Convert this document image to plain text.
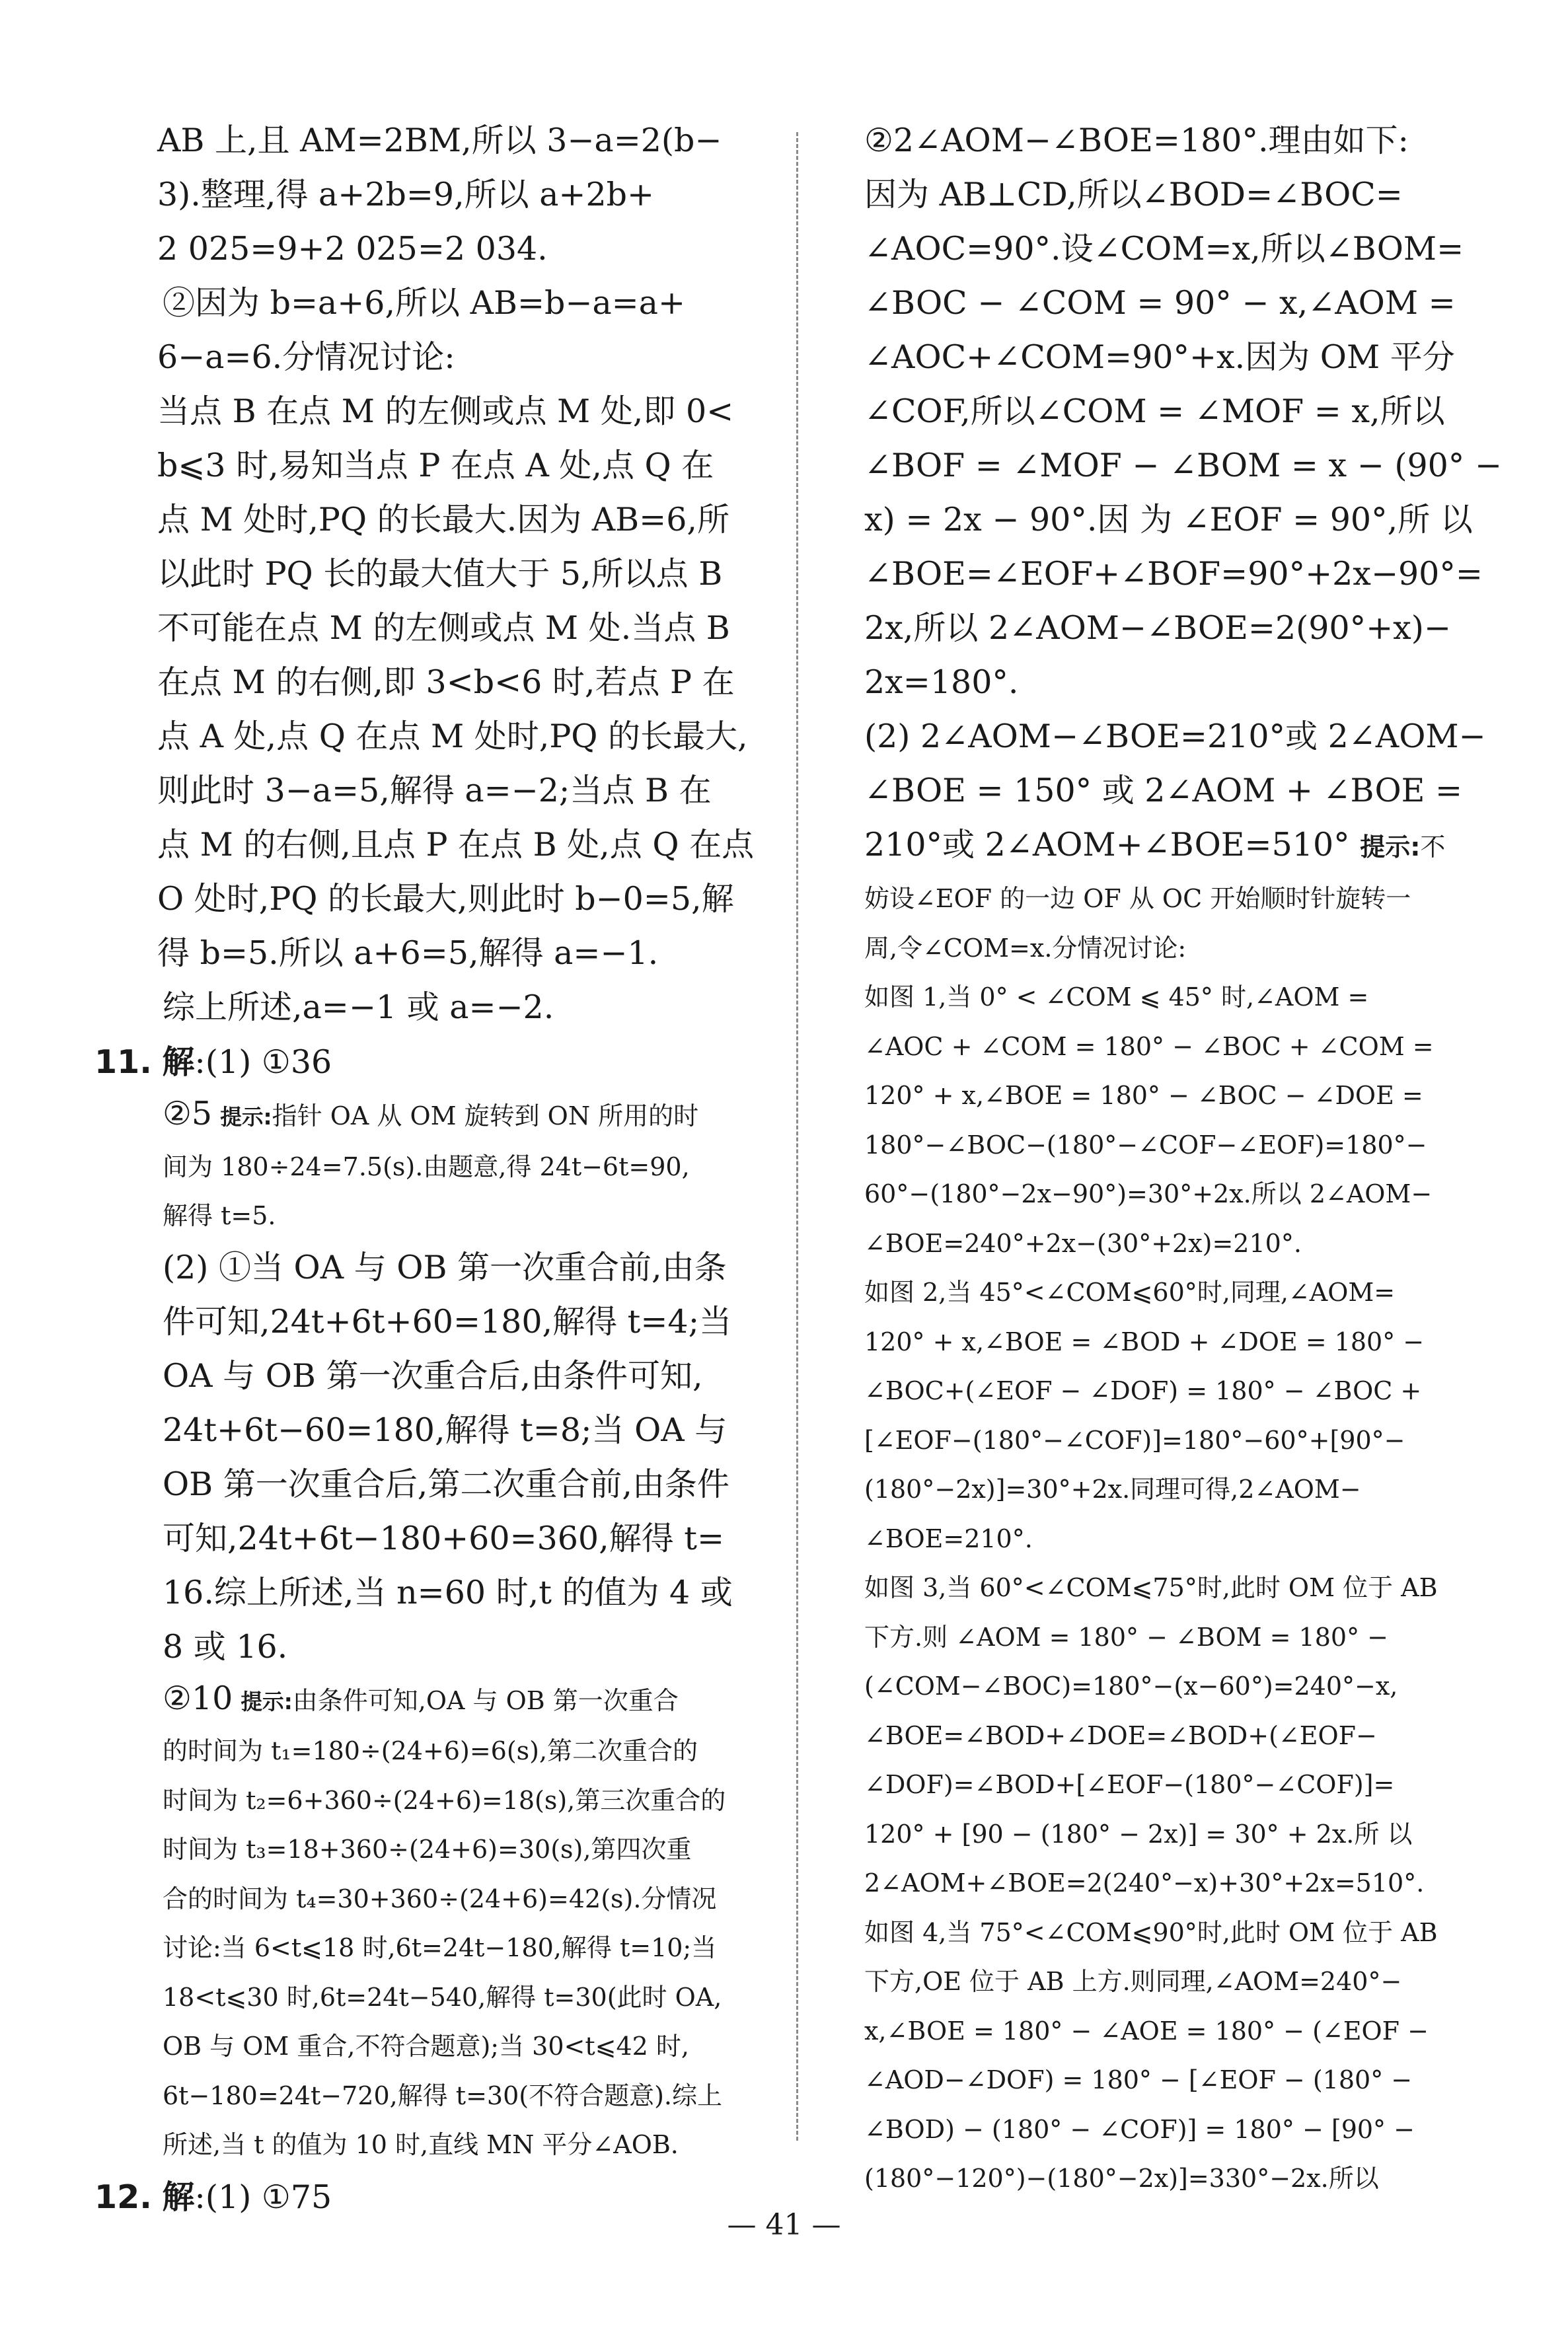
AB 上,且 AM=2BM,所以 3−a=2(b−
3).整理,得 a+2b=9,所以 a+2b+
2 025=9+2 025=2 034.
②因为 b=a+6,所以 AB=b−a=a+
6−a=6.分情况讨论:
当点 B 在点 M 的左侧或点 M 处,即 0<
b⩽3 时,易知当点 P 在点 A 处,点 Q 在
点 M 处时,PQ 的长最大.因为 AB=6,所
以此时 PQ 长的最大值大于 5,所以点 B
不可能在点 M 的左侧或点 M 处.当点 B
在点 M 的右侧,即 3<b<6 时,若点 P 在
点 A 处,点 Q 在点 M 处时,PQ 的长最大,
则此时 3−a=5,解得 a=−2;当点 B 在
点 M 的右侧,且点 P 在点 B 处,点 Q 在点
O 处时,PQ 的长最大,则此时 b−0=5,解
得 b=5.所以 a+6=5,解得 a=−1.
综上所述,a=−1 或 a=−2.
11. 解:(1) ①36
②5 提示:指针 OA 从 OM 旋转到 ON 所用的时
间为 180÷24=7.5(s).由题意,得 24t−6t=90,
解得 t=5.
(2) ①当 OA 与 OB 第一次重合前,由条
件可知,24t+6t+60=180,解得 t=4;当
OA 与 OB 第一次重合后,由条件可知,
24t+6t−60=180,解得 t=8;当 OA 与
OB 第一次重合后,第二次重合前,由条件
可知,24t+6t−180+60=360,解得 t=
16.综上所述,当 n=60 时,t 的值为 4 或
8 或 16.
②10 提示:由条件可知,OA 与 OB 第一次重合
的时间为 t₁=180÷(24+6)=6(s),第二次重合的
时间为 t₂=6+360÷(24+6)=18(s),第三次重合的
时间为 t₃=18+360÷(24+6)=30(s),第四次重
合的时间为 t₄=30+360÷(24+6)=42(s).分情况
讨论:当 6<t⩽18 时,6t=24t−180,解得 t=10;当
18<t⩽30 时,6t=24t−540,解得 t=30(此时 OA,
OB 与 OM 重合,不符合题意);当 30<t⩽42 时,
6t−180=24t−720,解得 t=30(不符合题意).综上
所述,当 t 的值为 10 时,直线 MN 平分∠AOB.
12. 解:(1) ①75
②2∠AOM−∠BOE=180°.理由如下:
因为 AB⊥CD,所以∠BOD=∠BOC=
∠AOC=90°.设∠COM=x,所以∠BOM=
∠BOC − ∠COM = 90° − x,∠AOM =
∠AOC+∠COM=90°+x.因为 OM 平分
∠COF,所以∠COM = ∠MOF = x,所以
∠BOF = ∠MOF − ∠BOM = x − (90° −
x) = 2x − 90°.因 为 ∠EOF = 90°,所 以
∠BOE=∠EOF+∠BOF=90°+2x−90°=
2x,所以 2∠AOM−∠BOE=2(90°+x)−
2x=180°.
(2) 2∠AOM−∠BOE=210°或 2∠AOM−
∠BOE = 150° 或 2∠AOM + ∠BOE =
210°或 2∠AOM+∠BOE=510° 提示:不
妨设∠EOF 的一边 OF 从 OC 开始顺时针旋转一
周,令∠COM=x.分情况讨论:
如图 1,当 0° < ∠COM ⩽ 45° 时,∠AOM =
∠AOC + ∠COM = 180° − ∠BOC + ∠COM =
120° + x,∠BOE = 180° − ∠BOC − ∠DOE =
180°−∠BOC−(180°−∠COF−∠EOF)=180°−
60°−(180°−2x−90°)=30°+2x.所以 2∠AOM−
∠BOE=240°+2x−(30°+2x)=210°.
如图 2,当 45°<∠COM⩽60°时,同理,∠AOM=
120° + x,∠BOE = ∠BOD + ∠DOE = 180° −
∠BOC+(∠EOF − ∠DOF) = 180° − ∠BOC +
[∠EOF−(180°−∠COF)]=180°−60°+[90°−
(180°−2x)]=30°+2x.同理可得,2∠AOM−
∠BOE=210°.
如图 3,当 60°<∠COM⩽75°时,此时 OM 位于 AB
下方.则 ∠AOM = 180° − ∠BOM = 180° −
(∠COM−∠BOC)=180°−(x−60°)=240°−x,
∠BOE=∠BOD+∠DOE=∠BOD+(∠EOF−
∠DOF)=∠BOD+[∠EOF−(180°−∠COF)]=
120° + [90 − (180° − 2x)] = 30° + 2x.所 以
2∠AOM+∠BOE=2(240°−x)+30°+2x=510°.
如图 4,当 75°<∠COM⩽90°时,此时 OM 位于 AB
下方,OE 位于 AB 上方.则同理,∠AOM=240°−
x,∠BOE = 180° − ∠AOE = 180° − (∠EOF −
∠AOD−∠DOF) = 180° − [∠EOF − (180° −
∠BOD) − (180° − ∠COF)] = 180° − [90° −
(180°−120°)−(180°−2x)]=330°−2x.所以
— 41 —
